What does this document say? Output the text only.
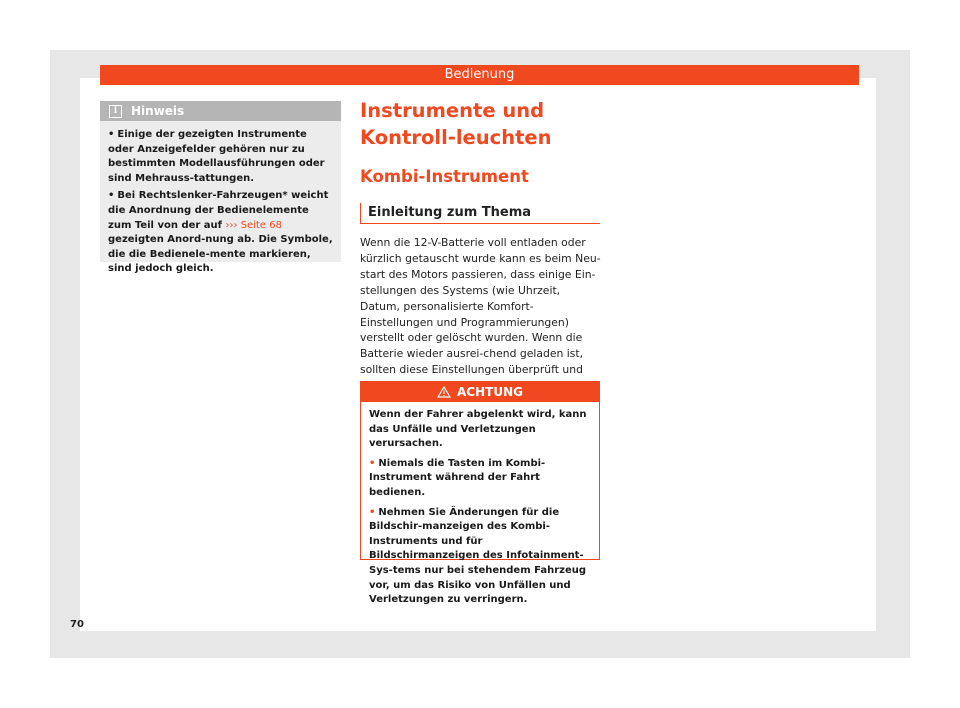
Bedienung
i	Hinweis
• Einige der gezeigten Instrumente oder Anzeigefelder gehören nur zu bestimmten Modellausführungen oder sind Mehrauss-tattungen.
• Bei Rechtslenker-Fahrzeugen* weicht die Anordnung der Bedienelemente zum Teil von der auf ››› Seite 68 gezeigten Anord-nung ab. Die Symbole, die die Bedienele-mente markieren, sind jedoch gleich.
Instrumente und Kontroll-leuchten
Kombi-Instrument
Einleitung zum Thema

Wenn die 12-V-Batterie voll entladen oder kürzlich getauscht wurde kann es beim Neu-start des Motors passieren, dass einige Ein-stellungen des Systems (wie Uhrzeit, Datum, personalisierte Komfort-Einstellungen und Programmierungen) verstellt oder gelöscht wurden. Wenn die Batterie wieder ausrei-chend geladen ist, sollten diese Einstellungen überprüft und

ACHTUNG

Wenn der Fahrer abgelenkt wird, kann das Unfälle und Verletzungen verursachen.

• Niemals die Tasten im Kombi-Instrument während der Fahrt bedienen.

• Nehmen Sie Änderungen für die Bildschir-manzeigen des Kombi-Instruments und für Bildschirmanzeigen des Infotainment-Sys-tems nur bei stehendem Fahrzeug vor, um das Risiko von Unfällen und Verletzungen zu verringern.

70
